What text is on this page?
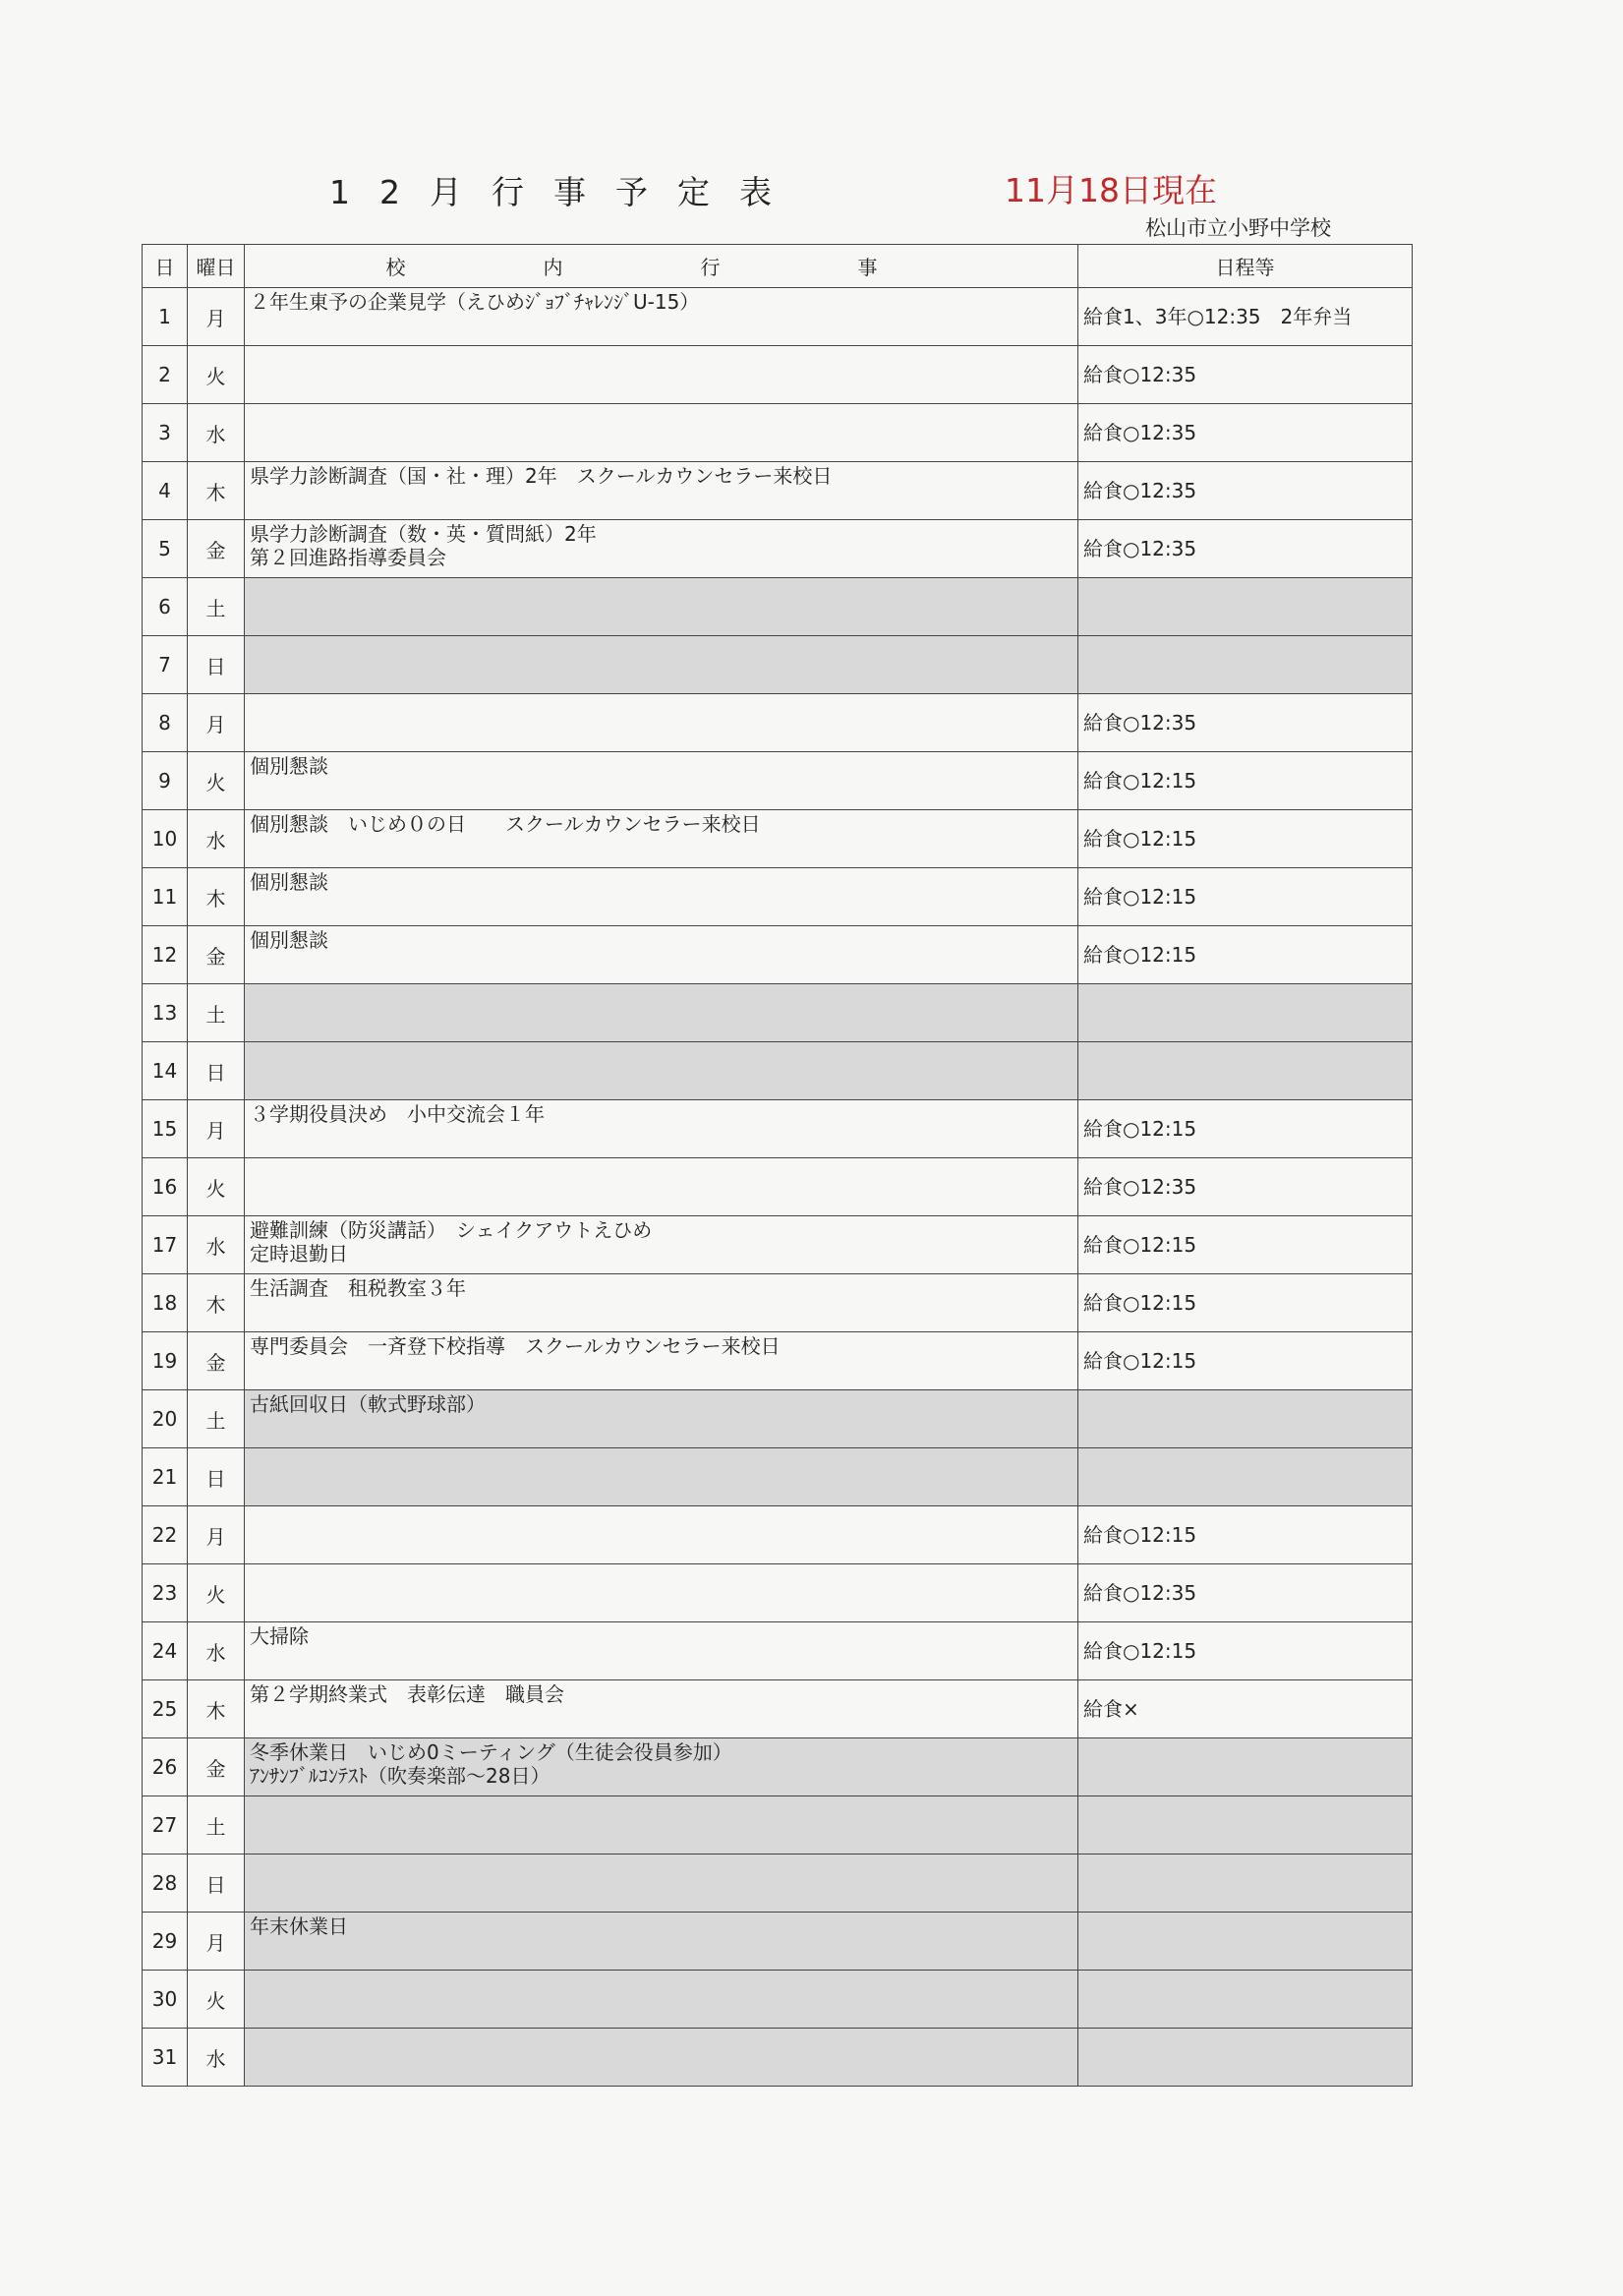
12月行事予定表	11月18日現在
松山市立小野中学校
日	曜日	校　内　行　事	日程等
1	月	２年生東予の企業見学（えひめｼﾞｮﾌﾞﾁｬﾚﾝｼﾞU-15）	給食1、3年○12:35　2年弁当
2	火		給食○12:35
3	水		給食○12:35
4	木	県学力診断調査（国・社・理）2年　スクールカウンセラー来校日	給食○12:35
5	金	県学力診断調査（数・英・質問紙）2年
第２回進路指導委員会	給食○12:35
6	土		
7	日		
8	月		給食○12:35
9	火	個別懇談	給食○12:15
10	水	個別懇談　いじめ０の日　　スクールカウンセラー来校日	給食○12:15
11	木	個別懇談	給食○12:15
12	金	個別懇談	給食○12:15
13	土		
14	日		
15	月	３学期役員決め　小中交流会１年	給食○12:15
16	火		給食○12:35
17	水	避難訓練（防災講話）　シェイクアウトえひめ
定時退勤日	給食○12:15
18	木	生活調査　租税教室３年	給食○12:15
19	金	専門委員会　一斉登下校指導　スクールカウンセラー来校日	給食○12:15
20	土	古紙回収日（軟式野球部）	
21	日		
22	月		給食○12:15
23	火		給食○12:35
24	水	大掃除	給食○12:15
25	木	第２学期終業式　表彰伝達　職員会	給食×
26	金	冬季休業日　いじめ0ミーティング（生徒会役員参加）
ｱﾝｻﾝﾌﾞﾙｺﾝﾃｽﾄ（吹奏楽部～28日）	
27	土		
28	日		
29	月	年末休業日	
30	火		
31	水		
